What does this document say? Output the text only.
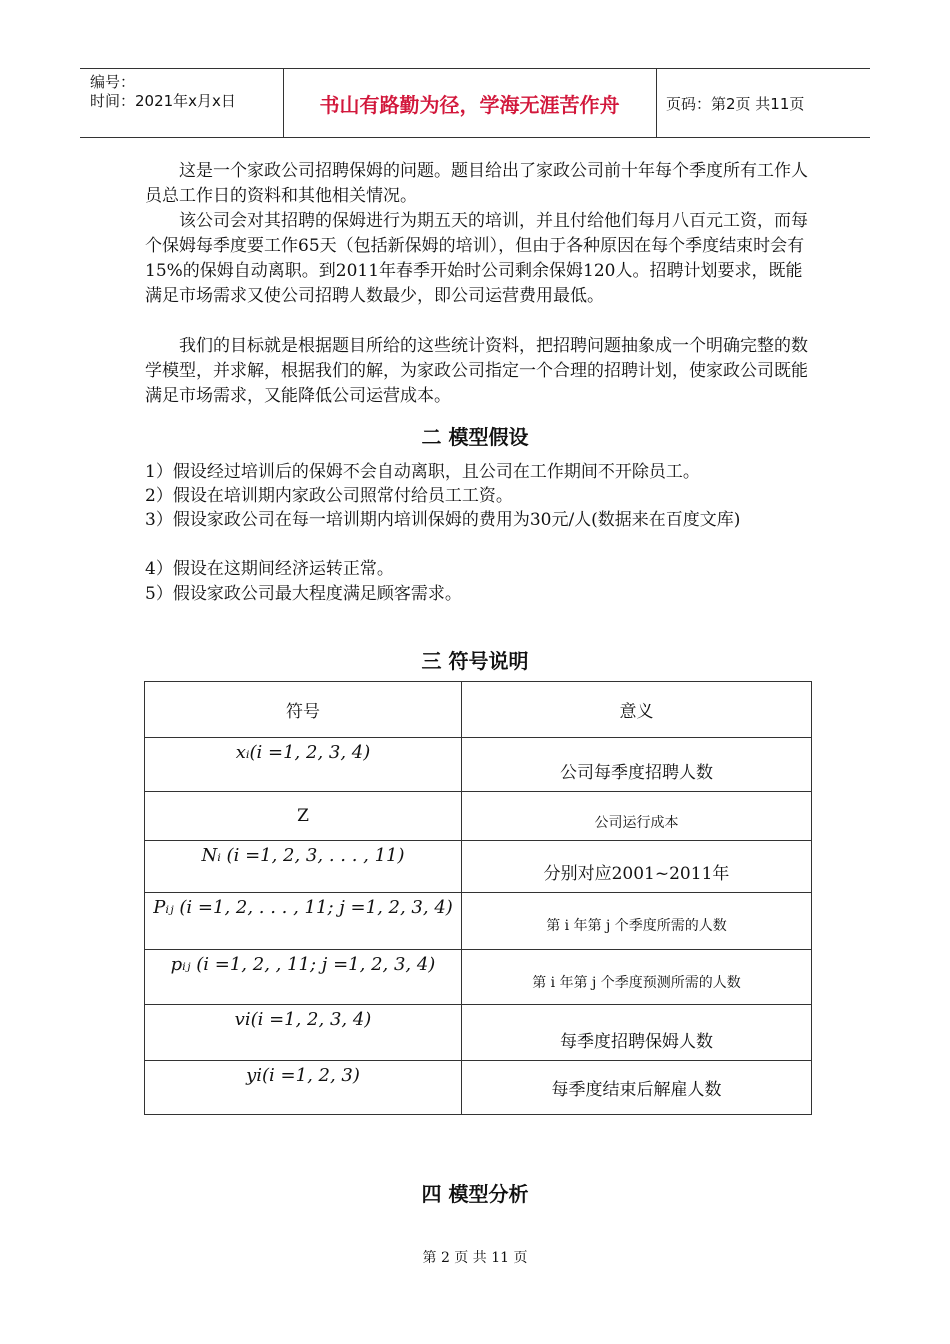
编号：
时间：2021年x月x日	书山有路勤为径，学海无涯苦作舟	页码：第2页 共11页

这是一个家政公司招聘保姆的问题。题目给出了家政公司前十年每个季度所有工作人员总工作日的资料和其他相关情况。

该公司会对其招聘的保姆进行为期五天的培训，并且付给他们每月八百元工资，而每个保姆每季度要工作65天（包括新保姆的培训），但由于各种原因在每个季度结束时会有15%的保姆自动离职。到2011年春季开始时公司剩余保姆120人。招聘计划要求，既能满足市场需求又使公司招聘人数最少，即公司运营费用最低。

我们的目标就是根据题目所给的这些统计资料，把招聘问题抽象成一个明确完整的数学模型，并求解，根据我们的解，为家政公司指定一个合理的招聘计划，使家政公司既能满足市场需求，又能降低公司运营成本。

二 模型假设

1）假设经过培训后的保姆不会自动离职，且公司在工作期间不开除员工。

2）假设在培训期内家政公司照常付给员工工资。

3）假设家政公司在每一培训期内培训保姆的费用为30元/人(数据来在百度文库)

4）假设在这期间经济运转正常。

5）假设家政公司最大程度满足顾客需求。

三 符号说明
符号	意义

xᵢ(i =1, 2, 3, 4)	公司每季度招聘人数

Z	公司运行成本

Nᵢ (i =1, 2, 3, . . . , 11)	分别对应2001~2011年

Pᵢⱼ (i =1, 2, . . . , 11; j =1, 2, 3, 4)	第 i 年第 j 个季度所需的人数

pᵢⱼ (i =1, 2, , 11; j =1, 2, 3, 4)	第 i 年第 j 个季度预测所需的人数

vi(i =1, 2, 3, 4)	每季度招聘保姆人数

yi(i =1, 2, 3)	每季度结束后解雇人数
四 模型分析
第 2 页 共 11 页
